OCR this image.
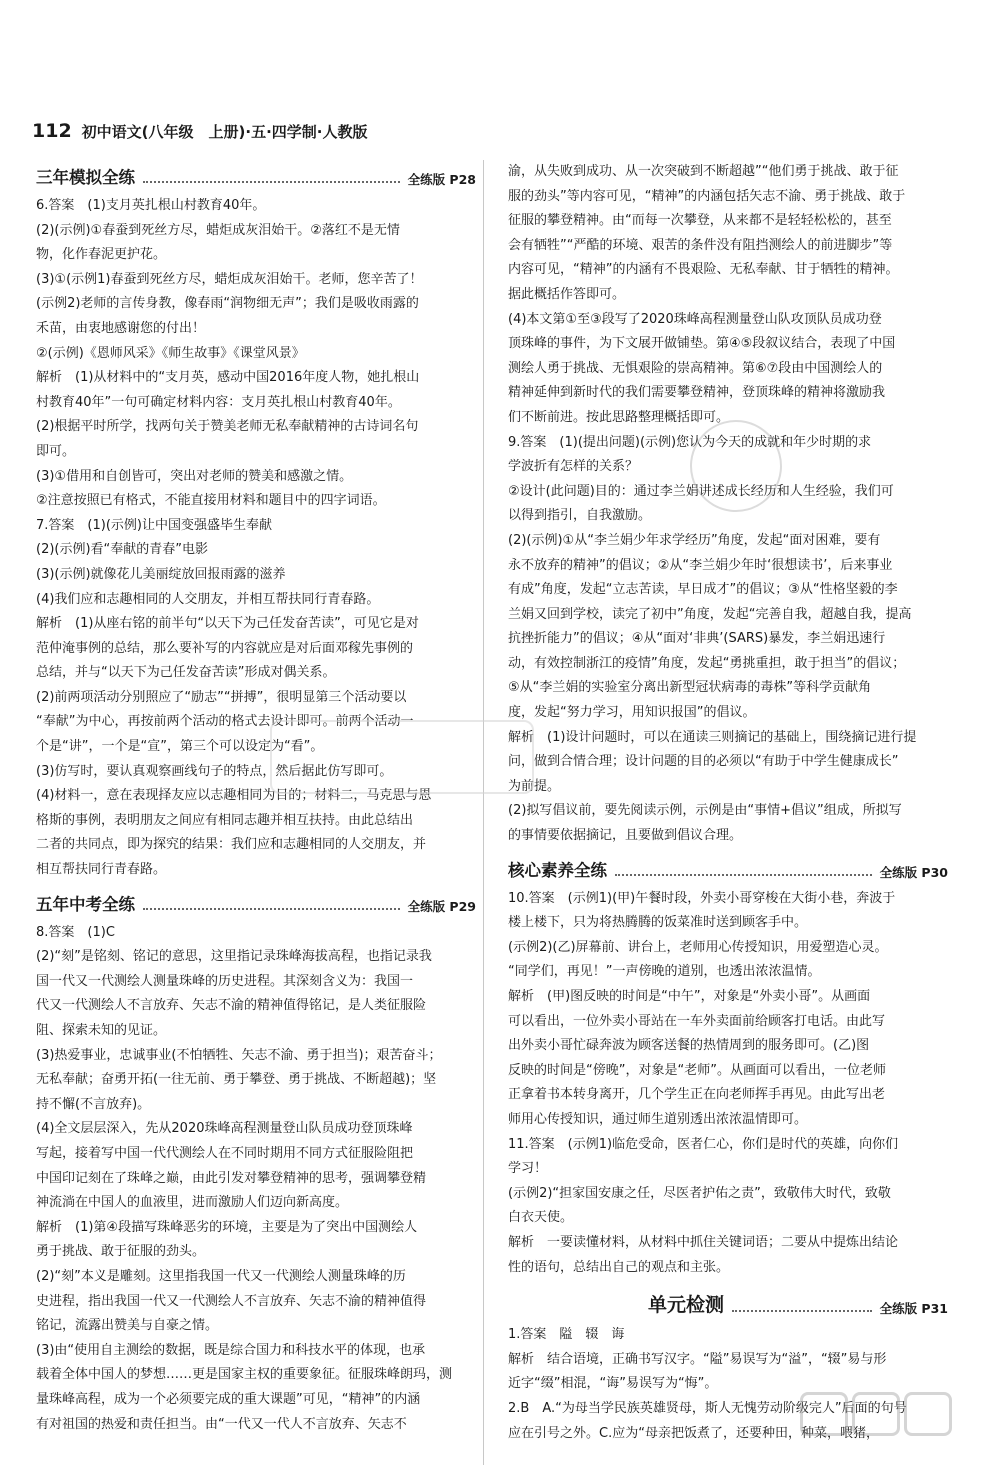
112 初中语文(八年级　上册)·五·四学制·人教版
三年模拟全练	全练版 P28

6.答案　(1)支月英扎根山村教育40年。

(2)(示例)①春蚕到死丝方尽，蜡炬成灰泪始干。②落红不是无情

物，化作春泥更护花。

(3)①(示例1)春蚕到死丝方尽，蜡炬成灰泪始干。老师，您辛苦了！

(示例2)老师的言传身教，像春雨“润物细无声”；我们是吸收雨露的

禾苗，由衷地感谢您的付出！

②(示例)《恩师风采》《师生故事》《课堂风景》

解析　(1)从材料中的“支月英，感动中国2016年度人物，她扎根山

村教育40年”一句可确定材料内容：支月英扎根山村教育40年。

(2)根据平时所学，找两句关于赞美老师无私奉献精神的古诗词名句

即可。

(3)①借用和自创皆可，突出对老师的赞美和感激之情。

②注意按照已有格式，不能直接用材料和题目中的四字词语。

7.答案　(1)(示例)让中国变强盛毕生奉献

(2)(示例)看“奉献的青春”电影

(3)(示例)就像花儿美丽绽放回报雨露的滋养

(4)我们应和志趣相同的人交朋友，并相互帮扶同行青春路。

解析　(1)从座右铭的前半句“以天下为己任发奋苦读”，可见它是对

范仲淹事例的总结，那么要补写的内容就应是对后面邓稼先事例的

总结，并与“以天下为己任发奋苦读”形成对偶关系。

(2)前两项活动分别照应了“励志”“拼搏”，很明显第三个活动要以

“奉献”为中心，再按前两个活动的格式去设计即可。前两个活动一

个是“讲”，一个是“宣”，第三个可以设定为“看”。

(3)仿写时，要认真观察画线句子的特点，然后据此仿写即可。

(4)材料一，意在表现择友应以志趣相同为目的；材料二，马克思与恩

格斯的事例，表明朋友之间应有相同志趣并相互扶持。由此总结出

二者的共同点，即为探究的结果：我们应和志趣相同的人交朋友，并

相互帮扶同行青春路。

五年中考全练	全练版 P29

8.答案　(1)C

(2)“刻”是铭刻、铭记的意思，这里指记录珠峰海拔高程，也指记录我

国一代又一代测绘人测量珠峰的历史进程。其深刻含义为：我国一

代又一代测绘人不言放弃、矢志不渝的精神值得铭记，是人类征服险

阻、探索未知的见证。

(3)热爱事业，忠诚事业(不怕牺牲、矢志不渝、勇于担当)；艰苦奋斗；

无私奉献；奋勇开拓(一往无前、勇于攀登、勇于挑战、不断超越)；坚

持不懈(不言放弃)。

(4)全文层层深入，先从2020珠峰高程测量登山队员成功登顶珠峰

写起，接着写中国一代代测绘人在不同时期用不同方式征服险阻把

中国印记刻在了珠峰之巅，由此引发对攀登精神的思考，强调攀登精

神流淌在中国人的血液里，进而激励人们迈向新高度。

解析　(1)第④段描写珠峰恶劣的环境，主要是为了突出中国测绘人

勇于挑战、敢于征服的劲头。

(2)“刻”本义是雕刻。这里指我国一代又一代测绘人测量珠峰的历

史进程，指出我国一代又一代测绘人不言放弃、矢志不渝的精神值得

铭记，流露出赞美与自豪之情。

(3)由“使用自主测绘的数据，既是综合国力和科技水平的体现，也承

载着全体中国人的梦想……更是国家主权的重要象征。征服珠峰朗玛，测

量珠峰高程，成为一个必须要完成的重大课题”可见，“精神”的内涵

有对祖国的热爱和责任担当。由“一代又一代人不言放弃、矢志不

渝，从失败到成功、从一次突破到不断超越”“他们勇于挑战、敢于征

服的劲头”等内容可见，“精神”的内涵包括矢志不渝、勇于挑战、敢于

征服的攀登精神。由“而每一次攀登，从来都不是轻轻松松的，甚至

会有牺牲”“严酷的环境、艰苦的条件没有阻挡测绘人的前进脚步”等

内容可见，“精神”的内涵有不畏艰险、无私奉献、甘于牺牲的精神。

据此概括作答即可。

(4)本文第①至③段写了2020珠峰高程测量登山队攻顶队员成功登

顶珠峰的事件，为下文展开做铺垫。第④⑤段叙议结合，表现了中国

测绘人勇于挑战、无惧艰险的崇高精神。第⑥⑦段由中国测绘人的

精神延伸到新时代的我们需要攀登精神，登顶珠峰的精神将激励我

们不断前进。按此思路整理概括即可。

9.答案　(1)(提出问题)(示例)您认为今天的成就和年少时期的求

学波折有怎样的关系？

②设计(此问题)目的：通过李兰娟讲述成长经历和人生经验，我们可

以得到指引，自我激励。

(2)(示例)①从“李兰娟少年求学经历”角度，发起“面对困难，要有

永不放弃的精神”的倡议；②从“李兰娟少年时‘很想读书’，后来事业

有成”角度，发起“立志苦读，早日成才”的倡议；③从“性格坚毅的李

兰娟又回到学校，读完了初中”角度，发起“完善自我，超越自我，提高

抗挫折能力”的倡议；④从“面对‘非典’(SARS)暴发，李兰娟迅速行

动，有效控制浙江的疫情”角度，发起“勇挑重担，敢于担当”的倡议；

⑤从“李兰娟的实验室分离出新型冠状病毒的毒株”等科学贡献角

度，发起“努力学习，用知识报国”的倡议。

解析　(1)设计问题时，可以在通读三则摘记的基础上，围绕摘记进行提

问，做到合情合理；设计问题的目的必须以“有助于中学生健康成长”

为前提。

(2)拟写倡议前，要先阅读示例，示例是由“事情+倡议”组成，所拟写

的事情要依据摘记，且要做到倡议合理。

核心素养全练	全练版 P30

10.答案　(示例1)(甲)午餐时段，外卖小哥穿梭在大街小巷，奔波于

楼上楼下，只为将热腾腾的饭菜准时送到顾客手中。

(示例2)(乙)屏幕前、讲台上，老师用心传授知识，用爱塑造心灵。

“同学们，再见！”一声傍晚的道别，也透出浓浓温情。

解析　(甲)图反映的时间是“中午”，对象是“外卖小哥”。从画面

可以看出，一位外卖小哥站在一车外卖面前给顾客打电话。由此写

出外卖小哥忙碌奔波为顾客送餐的热情周到的服务即可。(乙)图

反映的时间是“傍晚”，对象是“老师”。从画面可以看出，一位老师

正拿着书本转身离开，几个学生正在向老师挥手再见。由此写出老

师用心传授知识，通过师生道别透出浓浓温情即可。

11.答案　(示例1)临危受命，医者仁心，你们是时代的英雄，向你们

学习！

(示例2)“担家国安康之任，尽医者护佑之责”，致敬伟大时代，致敬

白衣天使。

解析　一要读懂材料，从材料中抓住关键词语；二要从中提炼出结论

性的语句，总结出自己的观点和主张。

单元检测	全练版 P31

1.答案　隘　辍　诲

解析　结合语境，正确书写汉字。“隘”易误写为“溢”，“辍”易与形

近字“缀”相混，“诲”易误写为“悔”。

2.B　A.“为母当学民族英雄贤母，斯人无愧劳动阶级完人”后面的句号

应在引号之外。C.应为“母亲把饭煮了，还要种田，种菜，喂猪，
